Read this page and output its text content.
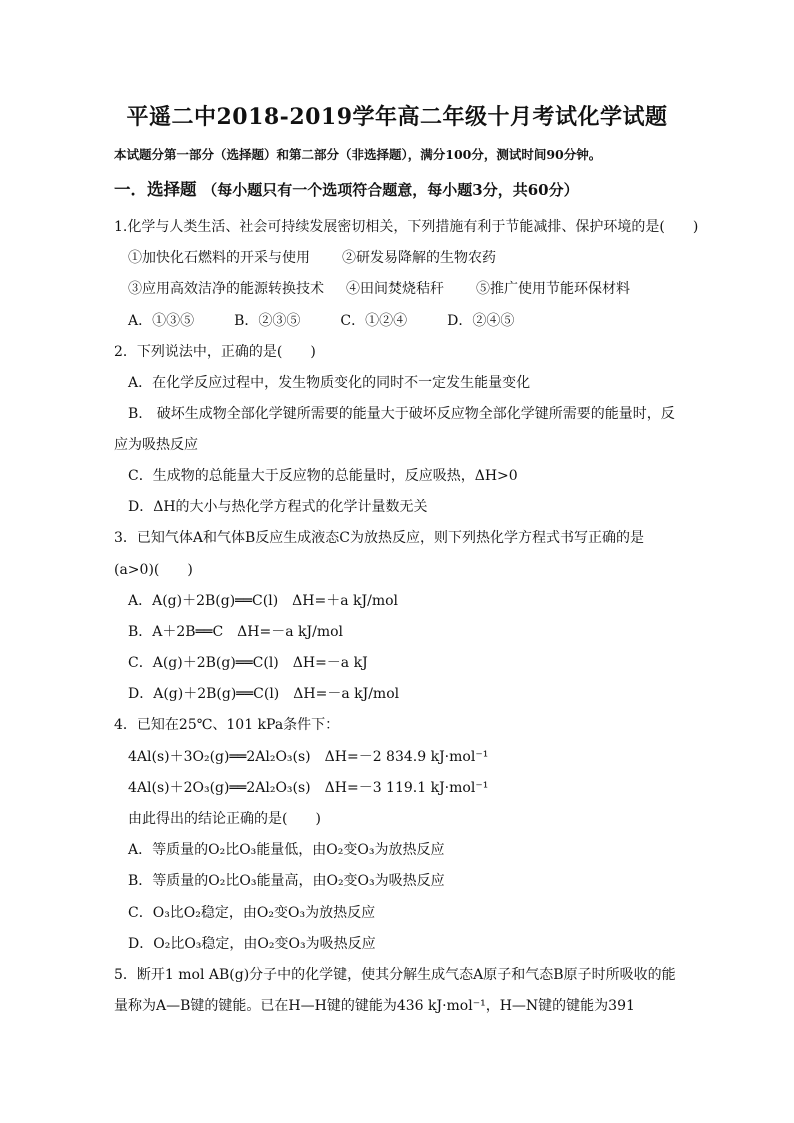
平遥二中2018-2019学年高二年级十月考试化学试题
本试题分第一部分（选择题）和第二部分（非选择题），满分100分，测试时间90分钟。
一．选择题 （每小题只有一个选项符合题意，每小题3分，共60分）
1.化学与人类生活、社会可持续发展密切相关，下列措施有利于节能减排、保护环境的是(　　)
①加快化石燃料的开采与使用 ②研发易降解的生物农药
③应用高效洁净的能源转换技术 ④田间焚烧秸秆 ⑤推广使用节能环保材料
A．①③⑤	B．②③⑤	C．①②④	D．②④⑤
2．下列说法中，正确的是(　　)
A．在化学反应过程中，发生物质变化的同时不一定发生能量变化
B.　破坏生成物全部化学键所需要的能量大于破坏反应物全部化学键所需要的能量时，反
应为吸热反应
C．生成物的总能量大于反应物的总能量时，反应吸热，ΔH>0
D．ΔH的大小与热化学方程式的化学计量数无关
3．已知气体A和气体B反应生成液态C为放热反应，则下列热化学方程式书写正确的是
(a>0)(　　)
A．A(g)＋2B(g)══C(l)　ΔH=＋a kJ/mol
B．A＋2B══C　ΔH=－a kJ/mol
C．A(g)＋2B(g)══C(l)　ΔH=－a kJ
D．A(g)＋2B(g)══C(l)　ΔH=－a kJ/mol
4．已知在25℃、101 kPa条件下：
4Al(s)＋3O₂(g)══2Al₂O₃(s)　ΔH=－2 834.9 kJ·mol⁻¹
4Al(s)＋2O₃(g)══2Al₂O₃(s)　ΔH=－3 119.1 kJ·mol⁻¹
由此得出的结论正确的是(　　)
A．等质量的O₂比O₃能量低，由O₂变O₃为放热反应
B．等质量的O₂比O₃能量高，由O₂变O₃为吸热反应
C．O₃比O₂稳定，由O₂变O₃为放热反应
D．O₂比O₃稳定，由O₂变O₃为吸热反应
5．断开1 mol AB(g)分子中的化学键，使其分解生成气态A原子和气态B原子时所吸收的能
量称为A—B键的键能。已在H—H键的键能为436 kJ·mol⁻¹，H—N键的键能为391
